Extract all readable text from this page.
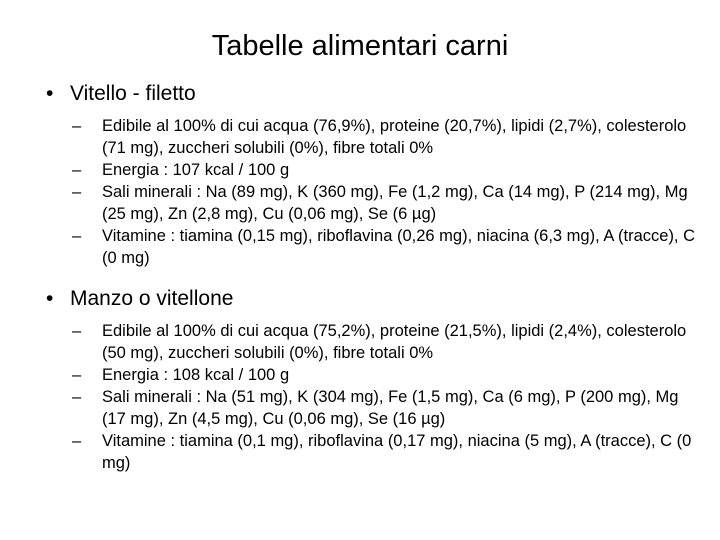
Tabelle alimentari carni
• Vitello - filetto
–	Edibile al 100% di cui acqua (76,9%), proteine (20,7%), lipidi (2,7%), colesterolo (71 mg), zuccheri solubili (0%), fibre totali 0%
–	Energia : 107 kcal / 100 g
–	Sali minerali : Na (89 mg), K (360 mg), Fe (1,2 mg), Ca (14 mg), P (214 mg), Mg (25 mg), Zn (2,8 mg), Cu (0,06 mg), Se (6 µg)
–	Vitamine : tiamina (0,15 mg), riboflavina (0,26 mg), niacina (6,3 mg), A (tracce), C (0 mg)
• Manzo o vitellone
–	Edibile al 100% di cui acqua (75,2%), proteine (21,5%), lipidi (2,4%), colesterolo (50 mg), zuccheri solubili (0%), fibre totali 0%
–	Energia : 108 kcal / 100 g
–	Sali minerali : Na (51 mg), K (304 mg), Fe (1,5 mg), Ca (6 mg), P (200 mg), Mg (17 mg), Zn (4,5 mg), Cu (0,06 mg), Se (16 µg)
–	Vitamine : tiamina (0,1 mg), riboflavina (0,17 mg), niacina (5 mg), A (tracce), C (0 mg)
